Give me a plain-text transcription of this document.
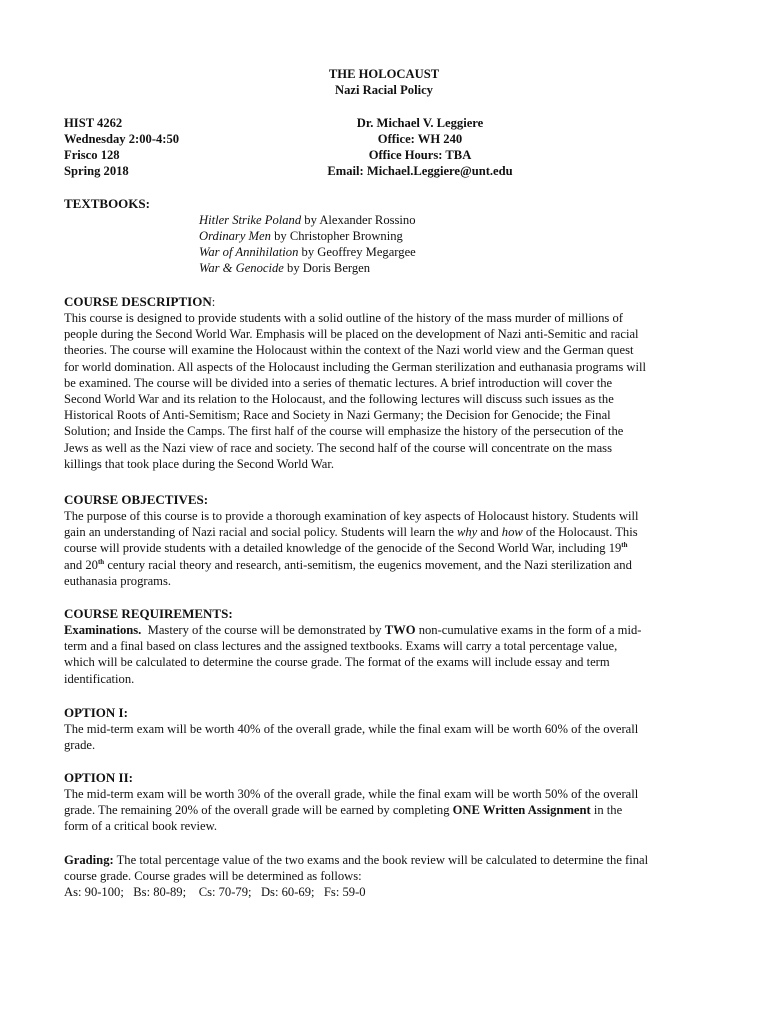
THE HOLOCAUST
Nazi Racial Policy
HIST 4262
Wednesday 2:00-4:50
Frisco 128
Spring 2018
Dr. Michael V. Leggiere
Office: WH 240
Office Hours: TBA
Email: Michael.Leggiere@unt.edu
TEXTBOOKS:
Hitler Strike Poland by Alexander Rossino
Ordinary Men by Christopher Browning
War of Annihilation by Geoffrey Megargee
War & Genocide by Doris Bergen
COURSE DESCRIPTION:

This course is designed to provide students with a solid outline of the history of the mass murder of millions of

people during the Second World War. Emphasis will be placed on the development of Nazi anti-Semitic and racial

theories. The course will examine the Holocaust within the context of the Nazi world view and the German quest

for world domination. All aspects of the Holocaust including the German sterilization and euthanasia programs will

be examined. The course will be divided into a series of thematic lectures. A brief introduction will cover the

Second World War and its relation to the Holocaust, and the following lectures will discuss such issues as the

Historical Roots of Anti-Semitism; Race and Society in Nazi Germany; the Decision for Genocide; the Final

Solution; and Inside the Camps. The first half of the course will emphasize the history of the persecution of the

Jews as well as the Nazi view of race and society. The second half of the course will concentrate on the mass

killings that took place during the Second World War.

COURSE OBJECTIVES:

The purpose of this course is to provide a thorough examination of key aspects of Holocaust history. Students will

gain an understanding of Nazi racial and social policy. Students will learn the why and how of the Holocaust. This

course will provide students with a detailed knowledge of the genocide of the Second World War, including 19th

and 20th century racial theory and research, anti-semitism, the eugenics movement, and the Nazi sterilization and

euthanasia programs.

COURSE REQUIREMENTS:

Examinations.  Mastery of the course will be demonstrated by TWO non-cumulative exams in the form of a mid-

term and a final based on class lectures and the assigned textbooks. Exams will carry a total percentage value,

which will be calculated to determine the course grade. The format of the exams will include essay and term

identification.

OPTION I:

The mid-term exam will be worth 40% of the overall grade, while the final exam will be worth 60% of the overall

grade.

OPTION II:

The mid-term exam will be worth 30% of the overall grade, while the final exam will be worth 50% of the overall

grade. The remaining 20% of the overall grade will be earned by completing ONE Written Assignment in the

form of a critical book review.

Grading: The total percentage value of the two exams and the book review will be calculated to determine the final

course grade. Course grades will be determined as follows:

As: 90-100;   Bs: 80-89;    Cs: 70-79;   Ds: 60-69;   Fs: 59-0
